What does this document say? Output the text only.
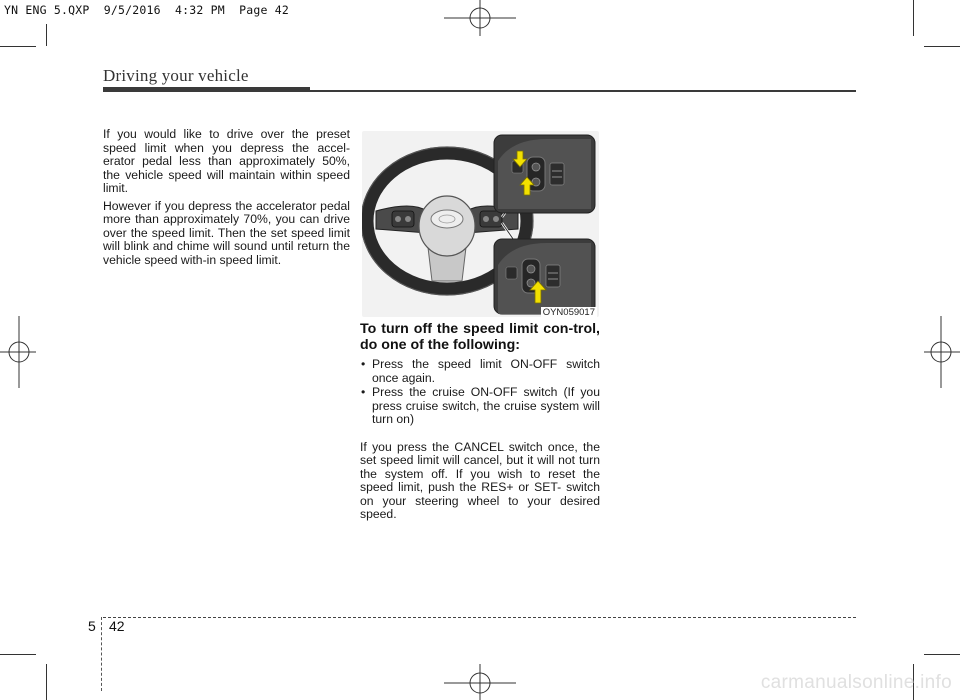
YN ENG 5.QXP  9/5/2016  4:32 PM  Page 42
Driving your vehicle

If you would like to drive over the preset speed limit when you depress the accel-erator pedal less than approximately 50%, the vehicle speed will maintain within speed limit.

However if you depress the accelerator pedal more than approximately 70%, you can drive over the speed limit. Then the set speed limit will blink and chime will sound until return the vehicle speed with-in speed limit.

OYN059017
To turn off the speed limit con-trol, do one of the following:
• Press the speed limit ON-OFF switch once again.
• Press the cruise ON-OFF switch (If you press cruise switch, the cruise system will turn on)

If you press the CANCEL switch once, the set speed limit will cancel, but it will not turn the system off. If you wish to reset the speed limit, push the RES+ or SET- switch on your steering wheel to your desired speed.

5 42
carmanualsonline.info
